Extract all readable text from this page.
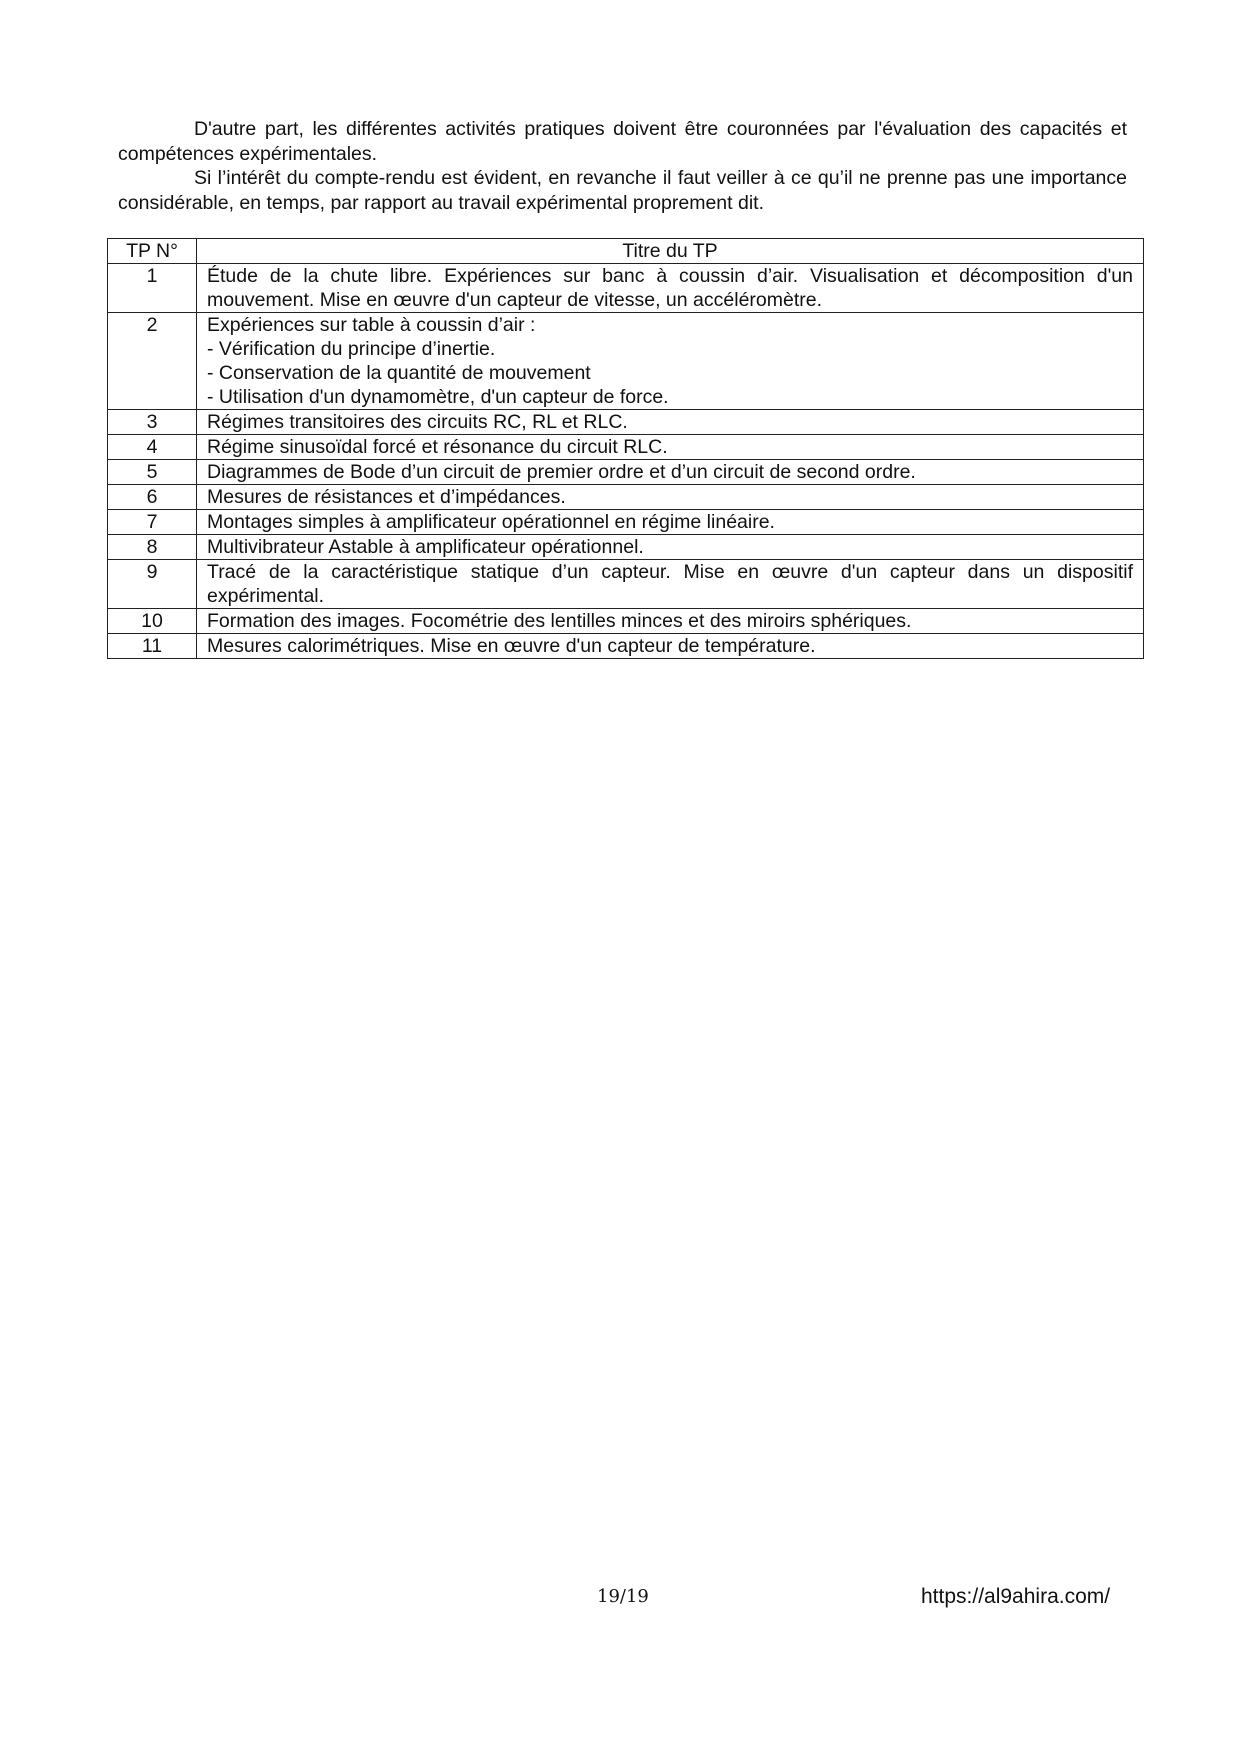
D'autre part, les différentes activités pratiques doivent être couronnées par l'évaluation des capacités et compétences expérimentales.

Si l’intérêt du compte-rendu est évident, en revanche il faut veiller à ce qu’il ne prenne pas une importance considérable, en temps, par rapport au travail expérimental proprement dit.

TP N°	Titre du TP
1	Étude de la chute libre. Expériences sur banc à coussin d’air. Visualisation et décomposition d'un mouvement. Mise en œuvre d'un capteur de vitesse, un accéléromètre.

2	Expériences sur table à coussin d’air :
- Vérification du principe d’inertie.
- Conservation de la quantité de mouvement
- Utilisation d'un dynamomètre, d'un capteur de force.

3	Régimes transitoires des circuits RC, RL et RLC.

4	Régime sinusoïdal forcé et résonance du circuit RLC.

5	Diagrammes de Bode d’un circuit de premier ordre et d’un circuit de second ordre.

6	Mesures de résistances et d’impédances.

7	Montages simples à amplificateur opérationnel en régime linéaire.

8	Multivibrateur Astable à amplificateur opérationnel.

9	Tracé de la caractéristique statique d’un capteur. Mise en œuvre d'un capteur dans un dispositif expérimental.

10	Formation des images. Focométrie des lentilles minces et des miroirs sphériques.

11	Mesures calorimétriques. Mise en œuvre d'un capteur de température.
19/19	https://al9ahira.com/
